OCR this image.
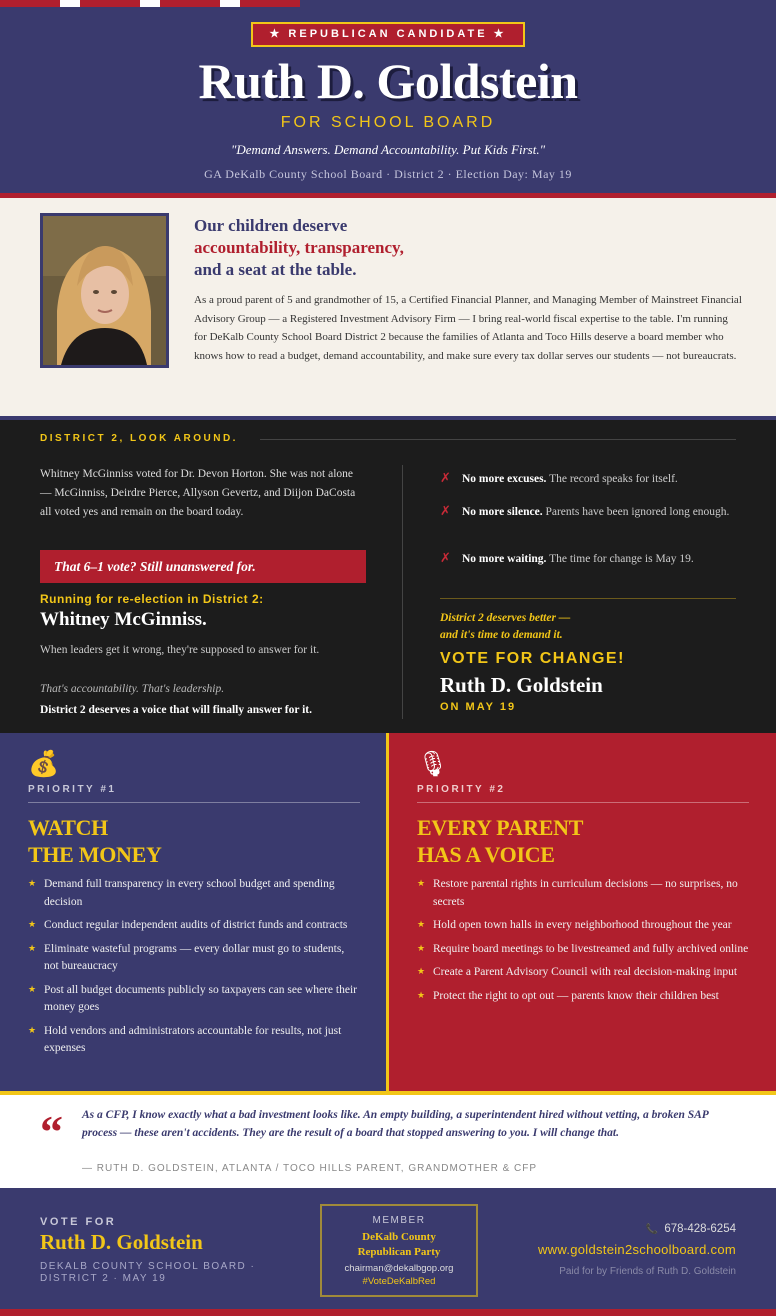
★ REPUBLICAN CANDIDATE ★
Ruth D. Goldstein
FOR SCHOOL BOARD
"Demand Answers. Demand Accountability. Put Kids First."
GA DeKalb County School Board · District 2 · Election Day: May 19
Our children deserve
accountability, transparency,
and a seat at the table.
As a proud parent of 5 and grandmother of 15, a Certified Financial Planner, and Managing Member of Mainstreet Financial Advisory Group — a Registered Investment Advisory Firm — I bring real-world fiscal expertise to the table. I'm running for DeKalb County School Board District 2 because the families of Atlanta and Toco Hills deserve a board member who knows how to read a budget, demand accountability, and make sure every tax dollar serves our students — not bureaucrats.
DISTRICT 2, LOOK AROUND.
Whitney McGinniss voted for Dr. Devon Horton. She was not alone — McGinniss, Deirdre Pierce, Allyson Gevertz, and Diijon DaCosta all voted yes and remain on the board today.
That 6–1 vote? Still unanswered for.
Running for re-election in District 2:
Whitney McGinniss.
When leaders get it wrong, they're supposed to answer for it.
That's accountability. That's leadership.
District 2 deserves a voice that will finally answer for it.
✗ No more excuses. The record speaks for itself.
✗ No more silence. Parents have been ignored long enough.
✗ No more waiting. The time for change is May 19.
District 2 deserves better —
and it's time to demand it.
VOTE FOR CHANGE!
Ruth D. Goldstein
ON MAY 19
💰
PRIORITY #1
WATCH
THE MONEY
★ Demand full transparency in every school budget and spending decision
★ Conduct regular independent audits of district funds and contracts
★ Eliminate wasteful programs — every dollar must go to students, not bureaucracy
★ Post all budget documents publicly so taxpayers can see where their money goes
★ Hold vendors and administrators accountable for results, not just expenses
🎙
PRIORITY #2
EVERY PARENT
HAS A VOICE
★ Restore parental rights in curriculum decisions — no surprises, no secrets
★ Hold open town halls in every neighborhood throughout the year
★ Require board meetings to be livestreamed and fully archived online
★ Create a Parent Advisory Council with real decision-making input
★ Protect the right to opt out — parents know their children best
“ As a CFP, I know exactly what a bad investment looks like. An empty building, a superintendent hired without vetting, a broken SAP process — these aren't accidents. They are the result of a board that stopped answering to you. I will change that.
— RUTH D. GOLDSTEIN, ATLANTA / TOCO HILLS PARENT, GRANDMOTHER & CFP
VOTE FOR
Ruth D. Goldstein
DEKALB COUNTY SCHOOL BOARD · DISTRICT 2 · MAY 19
MEMBER
DeKalb County
Republican Party
chairman@dekalbgop.org
#VoteDeKalbRed
📞 678-428-6254
www.goldstein2schoolboard.com
Paid for by Friends of Ruth D. Goldstein
